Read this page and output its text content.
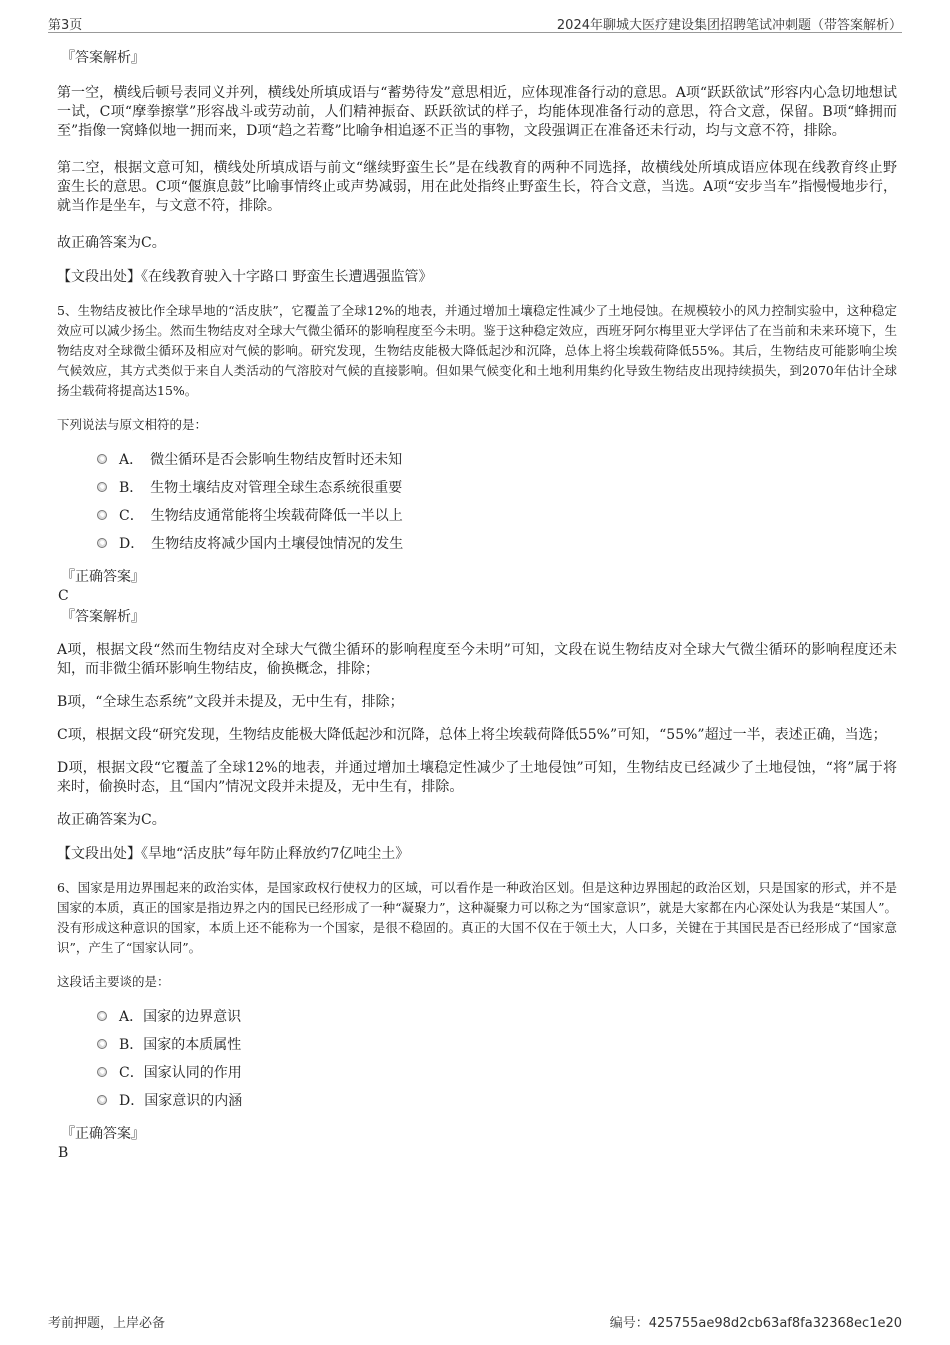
第3页	2024年聊城大医疗建设集团招聘笔试冲刺题（带答案解析）
『答案解析』

第一空，横线后顿号表同义并列，横线处所填成语与“蓄势待发”意思相近，应体现准备行动的意思。A项“跃跃欲试”形容内心急切地想试一试，C项“摩拳擦掌”形容战斗或劳动前，人们精神振奋、跃跃欲试的样子，均能体现准备行动的意思，符合文意，保留。B项“蜂拥而至”指像一窝蜂似地一拥而来，D项“趋之若鹜”比喻争相追逐不正当的事物，文段强调正在准备还未行动，均与文意不符，排除。

第二空，根据文意可知，横线处所填成语与前文“继续野蛮生长”是在线教育的两种不同选择，故横线处所填成语应体现在线教育终止野蛮生长的意思。C项“偃旗息鼓”比喻事情终止或声势减弱，用在此处指终止野蛮生长，符合文意，当选。A项“安步当车”指慢慢地步行，就当作是坐车，与文意不符，排除。

故正确答案为C。

【文段出处】《在线教育驶入十字路口 野蛮生长遭遇强监管》

5、生物结皮被比作全球旱地的“活皮肤”，它覆盖了全球12%的地表，并通过增加土壤稳定性减少了土地侵蚀。在规模较小的风力控制实验中，这种稳定效应可以减少扬尘。然而生物结皮对全球大气微尘循环的影响程度至今未明。鉴于这种稳定效应，西班牙阿尔梅里亚大学评估了在当前和未来环境下，生物结皮对全球微尘循环及相应对气候的影响。研究发现，生物结皮能极大降低起沙和沉降，总体上将尘埃载荷降低55%。其后，生物结皮可能影响尘埃气候效应，其方式类似于来自人类活动的气溶胶对气候的直接影响。但如果气候变化和土地利用集约化导致生物结皮出现持续损失，到2070年估计全球扬尘载荷将提高达15%。

下列说法与原文相符的是：

A．　微尘循环是否会影响生物结皮暂时还未知
B．　生物土壤结皮对管理全球生态系统很重要
C．　生物结皮通常能将尘埃载荷降低一半以上
D．　生物结皮将减少国内土壤侵蚀情况的发生
『正确答案』
C
『答案解析』

A项，根据文段“然而生物结皮对全球大气微尘循环的影响程度至今未明”可知，文段在说生物结皮对全球大气微尘循环的影响程度还未知，而非微尘循环影响生物结皮，偷换概念，排除；

B项，“全球生态系统”文段并未提及，无中生有，排除；

C项，根据文段“研究发现，生物结皮能极大降低起沙和沉降，总体上将尘埃载荷降低55%”可知，“55%”超过一半，表述正确，当选；

D项，根据文段“它覆盖了全球12%的地表，并通过增加土壤稳定性减少了土地侵蚀”可知，生物结皮已经减少了土地侵蚀，“将”属于将来时，偷换时态，且“国内”情况文段并未提及，无中生有，排除。

故正确答案为C。

【文段出处】《旱地“活皮肤”每年防止释放约7亿吨尘土》

6、国家是用边界围起来的政治实体，是国家政权行使权力的区域，可以看作是一种政治区划。但是这种边界围起的政治区划，只是国家的形式，并不是国家的本质，真正的国家是指边界之内的国民已经形成了一种“凝聚力”，这种凝聚力可以称之为“国家意识”，就是大家都在内心深处认为我是“某国人”。没有形成这种意识的国家，本质上还不能称为一个国家，是很不稳固的。真正的大国不仅在于领土大，人口多，关键在于其国民是否已经形成了“国家意识”，产生了“国家认同”。

这段话主要谈的是：

A．国家的边界意识
B．国家的本质属性
C．国家认同的作用
D．国家意识的内涵
『正确答案』
B
考前押题，上岸必备	编号：425755ae98d2cb63af8fa32368ec1e20
